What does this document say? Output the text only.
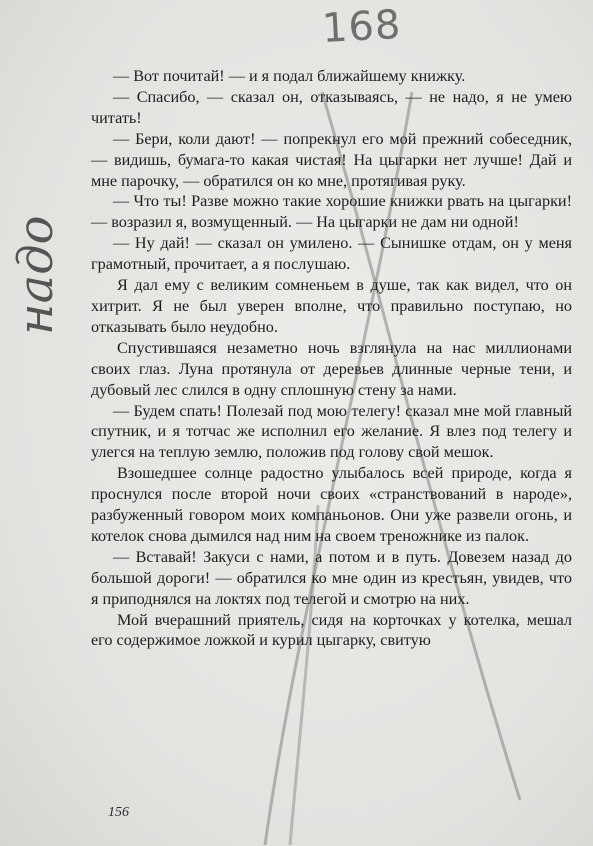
168
надо

— Вот почитай! — и я подал ближайшему книжку.

— Спасибо, — сказал он, отказываясь, — не надо, я не умею читать!

— Бери, коли дают! — попрекнул его мой прежний собеседник, — видишь, бумага-то какая чистая! На цыгарки нет лучше! Дай и мне парочку, — обратился он ко мне, протягивая руку.

— Что ты! Разве можно такие хорошие книжки рвать на цыгарки! — возразил я, возмущенный. — На цыгарки не дам ни одной!

— Ну дай! — сказал он умилено. — Сынишке отдам, он у меня грамотный, прочитает, а я послушаю.

Я дал ему с великим сомненьем в душе, так как видел, что он хитрит. Я не был уверен вполне, что правильно поступаю, но отказывать было неудобно.

Спустившаяся незаметно ночь взглянула на нас миллионами своих глаз. Луна протянула от деревьев длинные черные тени, и дубовый лес слился в одну сплошную стену за нами.

— Будем спать! Полезай под мою телегу! сказал мне мой главный спутник, и я тотчас же исполнил его желание. Я влез под телегу и улегся на теплую землю, положив под голову свой мешок.

Взошедшее солнце радостно улыбалось всей природе, когда я проснулся после второй ночи своих «странствований в народе», разбуженный говором моих компаньонов. Они уже развели огонь, и котелок снова дымился над ним на своем треножнике из палок.

— Вставай! Закуси с нами, а потом и в путь. Довезем назад до большой дороги! — обратился ко мне один из крестьян, увидев, что я приподнялся на локтях под телегой и смотрю на них.

Мой вчерашний приятель, сидя на корточках у котелка, мешал его содержимое ложкой и курил цыгарку, свитую

156
